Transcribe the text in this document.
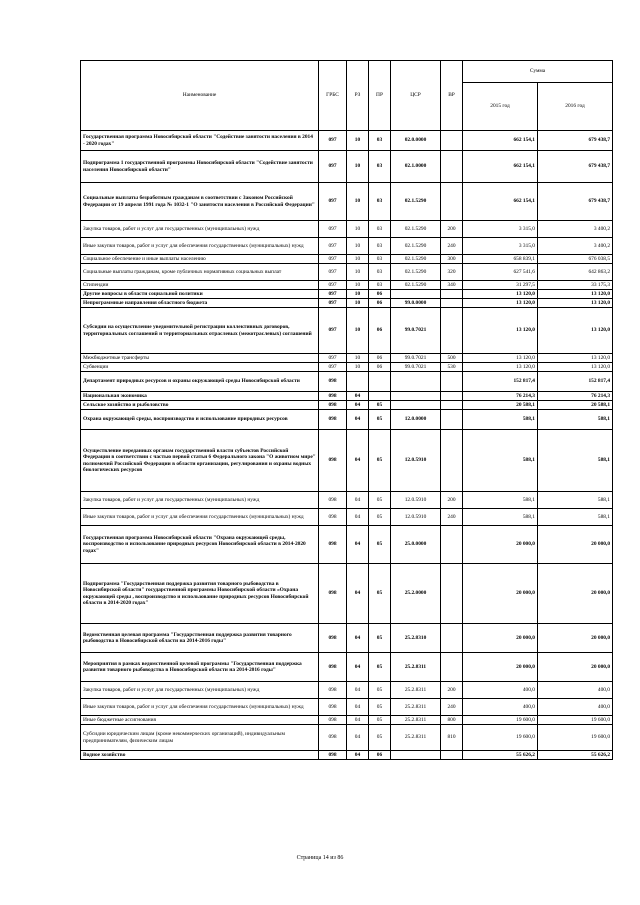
Наименование	ГРБС	РЗ	ПР	ЦСР	ВР	Сумма	
						2015 год	2016 год
Государственная программа Новосибирской области "Содействие занятости населения в 2014 - 2020 годах"	097	10	03	02.0.0000		662 154,1	679 438,7
Подпрограмма 1 государственной программы Новосибирской области "Содействие занятости населения Новосибирской области"	097	10	03	02.1.0000		662 154,1	679 438,7
Социальные выплаты безработным гражданам в соответствии с Законом Российской Федерации от 19 апреля 1991 года № 1032-1 "О занятости населения в Российской Федерации"	097	10	03	02.1.5290		662 154,1	679 438,7
Закупка товаров, работ и услуг для государственных (муниципальных) нужд	097	10	03	02.1.5290	200	3 315,0	3 400,2
Иные закупки товаров, работ и услуг для обеспечения государственных (муниципальных) нужд	097	10	03	02.1.5290	240	3 315,0	3 400,2
Социальное обеспечение и иные выплаты населению	097	10	03	02.1.5290	300	658 839,1	676 038,5
Социальные выплаты гражданам, кроме публичных нормативных социальных выплат	097	10	03	02.1.5290	320	627 541,6	642 863,2
Стипендии	097	10	03	02.1.5290	340	31 297,5	33 175,3
Другие вопросы в области социальной политики	097	10	06			13 120,0	13 120,0
Непрограммные направления областного бюджета	097	10	06	99.0.0000		13 120,0	13 120,0
Субсидии на осуществление уведомительной регистрации коллективных договоров, территориальных соглашений и территориальных отраслевых (межотраслевых) соглашений	097	10	06	99.0.7021		13 120,0	13 120,0
Межбюджетные трансферты	097	10	06	99.0.7021	500	13 120,0	13 120,0
Субвенции	097	10	06	99.0.7021	530	13 120,0	13 120,0
Департамент природных ресурсов и охраны окружающей среды Новосибирской области	098					152 817,4	152 817,4
Национальная экономика	098	04				76 214,3	76 214,3
Сельское хозяйство и рыболовство	098	04	05			20 588,1	20 588,1
Охрана окружающей среды, воспроизводство и использование природных ресурсов	098	04	05	12.0.0000		588,1	588,1
Осуществление переданных органам государственной власти субъектов Российской Федерации в соответствии с частью первой статьи 6 Федерального закона "О животном мире" полномочий Российской Федерации в области организации, регулирования и охраны водных биологических ресурсов	098	04	05	12.0.5910		588,1	588,1
Закупка товаров, работ и услуг для государственных (муниципальных) нужд	098	04	05	12.0.5910	200	588,1	588,1
Иные закупки товаров, работ и услуг для обеспечения государственных (муниципальных) нужд	098	04	05	12.0.5910	240	588,1	588,1
Государственная программа Новосибирской области "Охрана окружающей среды, воспроизводство и использование природных ресурсов Новосибирской области в 2014-2020 годах"	098	04	05	25.0.0000		20 000,0	20 000,0
Подпрограмма "Государственная поддержка развития товарного рыбоводства в Новосибирской области" государственной программы Новосибирской области «Охрана окружающей среды , воспроизводство и использование природных ресурсов Новосибирской области в 2014-2020 годах"	098	04	05	25.2.0000		20 000,0	20 000,0
Ведомственная целевая программа "Государственная поддержка развития товарного рыбоводства в Новосибирской области на 2014-2016 годы"	098	04	05	25.2.8310		20 000,0	20 000,0
Мероприятия в рамках ведомственной целевой программы "Государственная поддержка развития товарного рыбоводства в Новосибирской области на 2014-2016 годы"	098	04	05	25.2.8311		20 000,0	20 000,0
Закупка товаров, работ и услуг для государственных (муниципальных) нужд	098	04	05	25.2.8311	200	400,0	400,0
Иные закупки товаров, работ и услуг для обеспечения государственных (муниципальных) нужд	098	04	05	25.2.8311	240	400,0	400,0
Иные бюджетные ассигнования	098	04	05	25.2.8311	800	19 600,0	19 600,0
Субсидии юридическим лицам (кроме некоммерческих организаций), индивидуальным предпринимателям, физическим лицам	098	04	05	25.2.8311	810	19 600,0	19 600,0
Водное хозяйство	098	04	06			55 626,2	55 626,2
Страница 14 из 86
